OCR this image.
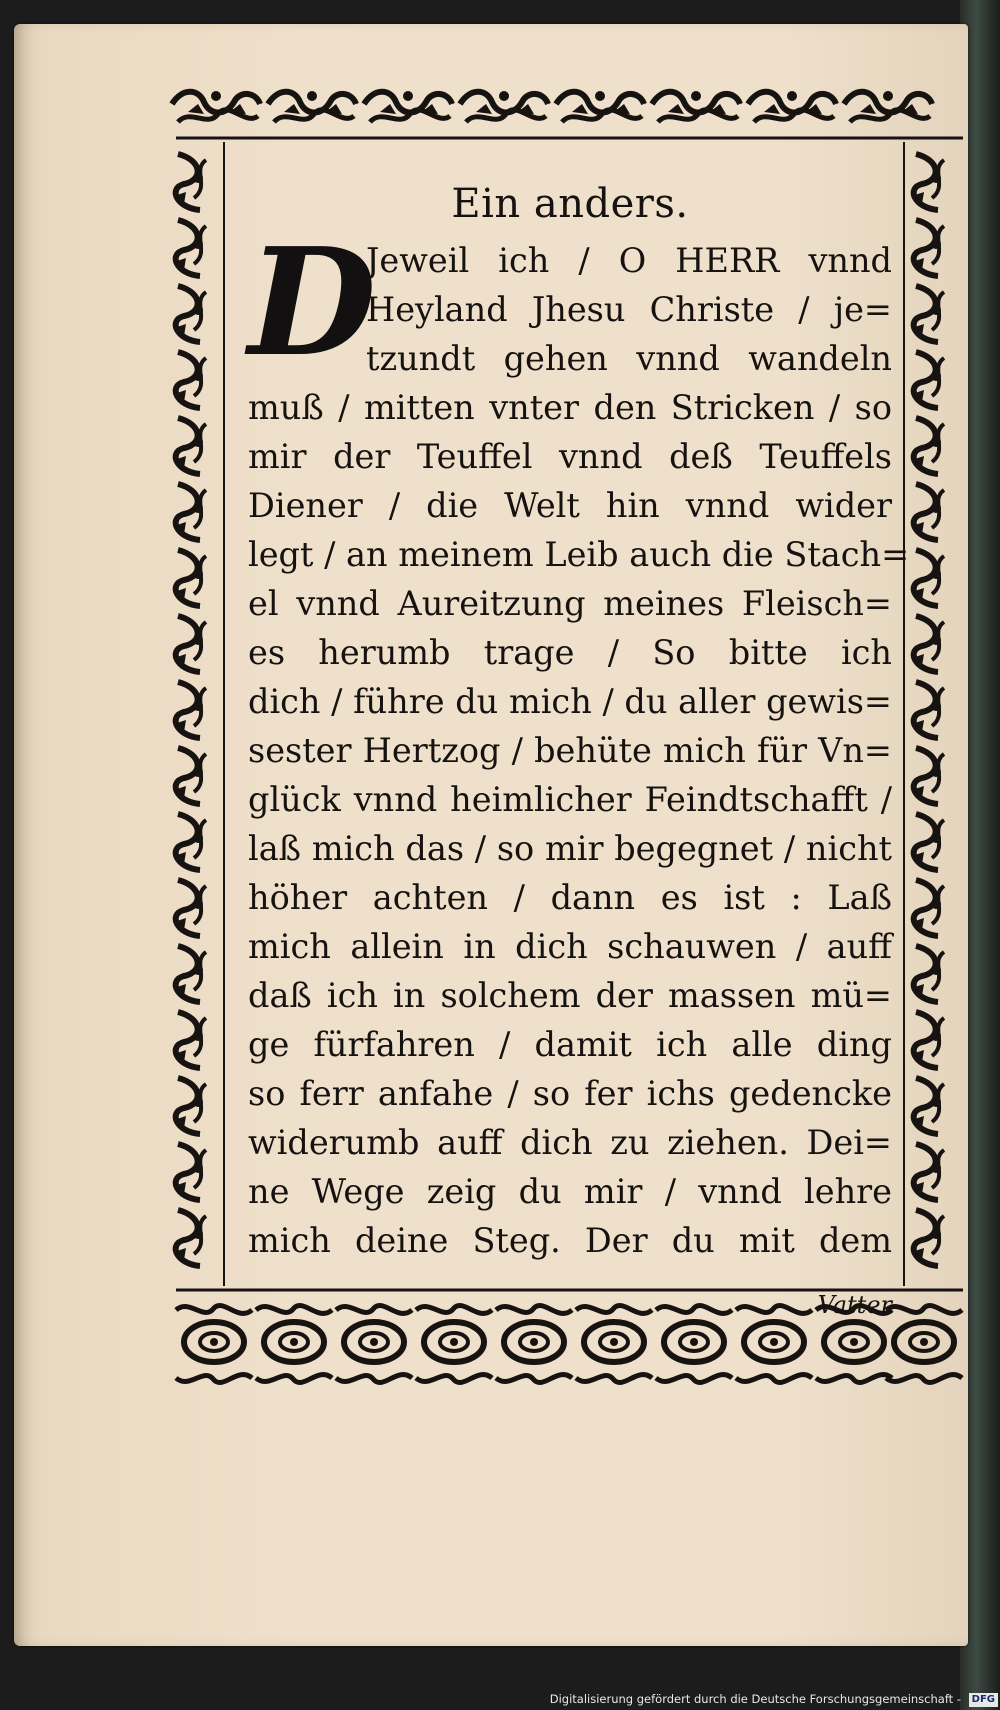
Ein anders.
D
Jeweil ich / O HERR vnnd
Heyland Jhesu Christe / je=
tzundt gehen vnnd wandeln
muß / mitten vnter den Stricken / so
mir der Teuffel vnnd deß Teuffels
Diener / die Welt hin vnnd wider
legt / an meinem Leib auch die Stach=
el vnnd Aureitzung meines Fleisch=
es herumb trage / So bitte ich
dich / führe du mich / du aller gewis=
sester Hertzog / behüte mich für Vn=
glück vnnd heimlicher Feindtschafft /
laß mich das / so mir begegnet / nicht
höher achten / dann es ist : Laß
mich allein in dich schauwen / auff
daß ich in solchem der massen mü=
ge fürfahren / damit ich alle ding
so ferr anfahe / so fer ichs gedencke
widerumb auff dich zu ziehen. Dei=
ne Wege zeig du mir / vnnd lehre
mich deine Steg. Der du mit dem
Vatter
Digitalisierung gefördert durch die Deutsche Forschungsgemeinschaft - DFG
